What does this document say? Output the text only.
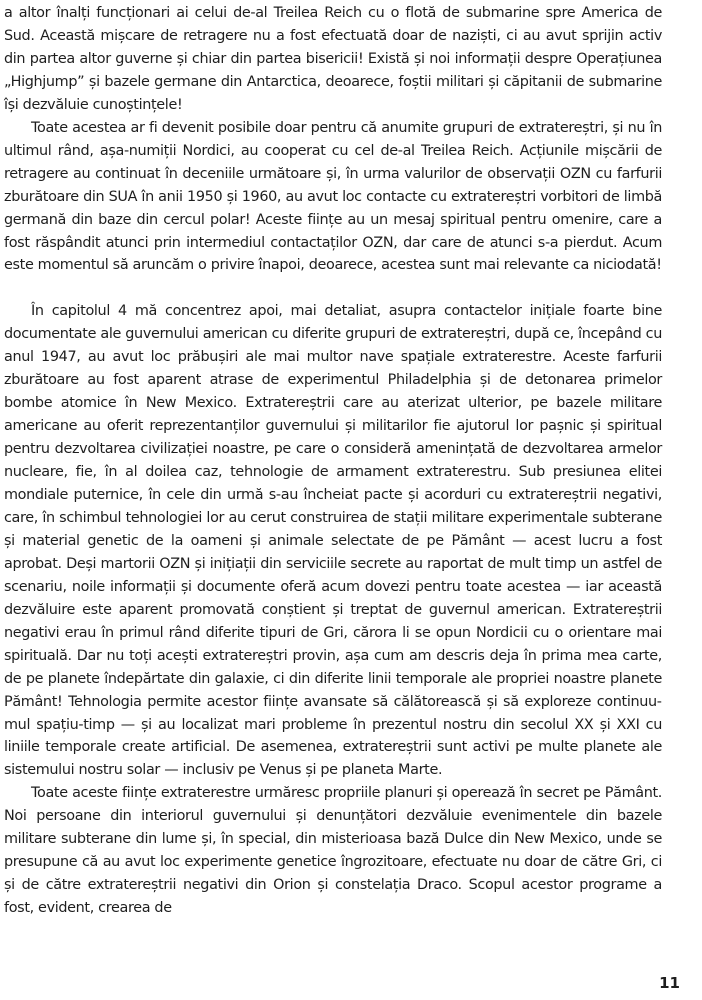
a altor înalți funcționari ai celui de-al Treilea Reich cu o flotă de submarine spre America de Sud. Această mișcare de retragere nu a fost efectuată doar de naziști, ci au avut sprijin activ din partea altor guverne și chiar din partea bisericii! Există și noi informații despre Operațiunea „Highjump” și bazele germane din Antarctica, deoarece, foștii militari și căpitanii de submarine își dezvăluie cunoștințele!

Toate acestea ar fi devenit posibile doar pentru că anumite grupuri de extratereștri, și nu în ultimul rând, așa-numiții Nordici, au cooperat cu cel de-al Treilea Reich. Acțiunile mișcării de retragere au continuat în deceniile următoare și, în urma valurilor de observații OZN cu farfurii zburătoare din SUA în anii 1950 și 1960, au avut loc contacte cu extratereștri vorbitori de limbă germană din baze din cercul polar! Aceste ființe au un mesaj spiritual pentru omenire, care a fost răspândit atunci prin intermediul contactaților OZN, dar care de atunci s-a pierdut. Acum este momentul să aruncăm o privire înapoi, deoarece, acestea sunt mai relevante ca niciodată!

În capitolul 4 mă concentrez apoi, mai detaliat, asupra contactelor inițiale foarte bine documentate ale guvernului american cu diferite grupuri de extratereștri, după ce, începând cu anul 1947, au avut loc prăbușiri ale mai multor nave spațiale extraterestre. Aceste farfurii zburătoare au fost aparent atrase de experimentul Philadelphia și de detonarea primelor bombe atomice în New Mexico. Extratereștrii care au aterizat ulterior, pe bazele militare americane au oferit reprezentanților guvernului și militarilor fie ajutorul lor pașnic și spiritual pentru dezvoltarea civilizației noastre, pe care o consideră amenințată de dezvoltarea armelor nucleare, fie, în al doilea caz, tehnologie de armament extraterestru. Sub presiunea elitei mondiale puternice, în cele din urmă s-au încheiat pacte și acorduri cu extratereștrii negativi, care, în schimbul tehnologiei lor au cerut construirea de stații militare experimentale subterane și material genetic de la oameni și animale selectate de pe Pământ — acest lucru a fost aprobat. Deși martorii OZN și inițiații din serviciile secrete au raportat de mult timp un astfel de scenariu, noile informații și documente oferă acum dovezi pentru toate acestea — iar această dezvăluire este aparent promovată conștient și treptat de guvernul american. Extratereștrii negativi erau în primul rând diferite tipuri de Gri, cărora li se opun Nordicii cu o orientare mai spirituală. Dar nu toți acești extratereștri provin, așa cum am descris deja în prima mea carte, de pe planete îndepărtate din galaxie, ci din diferite linii temporale ale propriei noastre planete Pământ! Tehnologia permite acestor ființe avansate să călătorească și să exploreze continuumul spațiu-timp — și au localizat mari probleme în prezentul nostru din secolul XX și XXI cu liniile temporale create artificial. De asemenea, extratereștrii sunt activi pe multe planete ale sistemului nostru solar — inclusiv pe Venus și pe planeta Marte.

Toate aceste ființe extraterestre urmăresc propriile planuri și operează în secret pe Pământ. Noi persoane din interiorul guvernului și denunțători dezvăluie evenimentele din bazele militare subterane din lume și, în special, din misterioasa bază Dulce din New Mexico, unde se presupune că au avut loc experimente genetice îngrozitoare, efectuate nu doar de către Gri, ci și de către extratereștrii negativi din Orion și constelația Draco. Scopul acestor programe a fost, evident, crearea de

11
